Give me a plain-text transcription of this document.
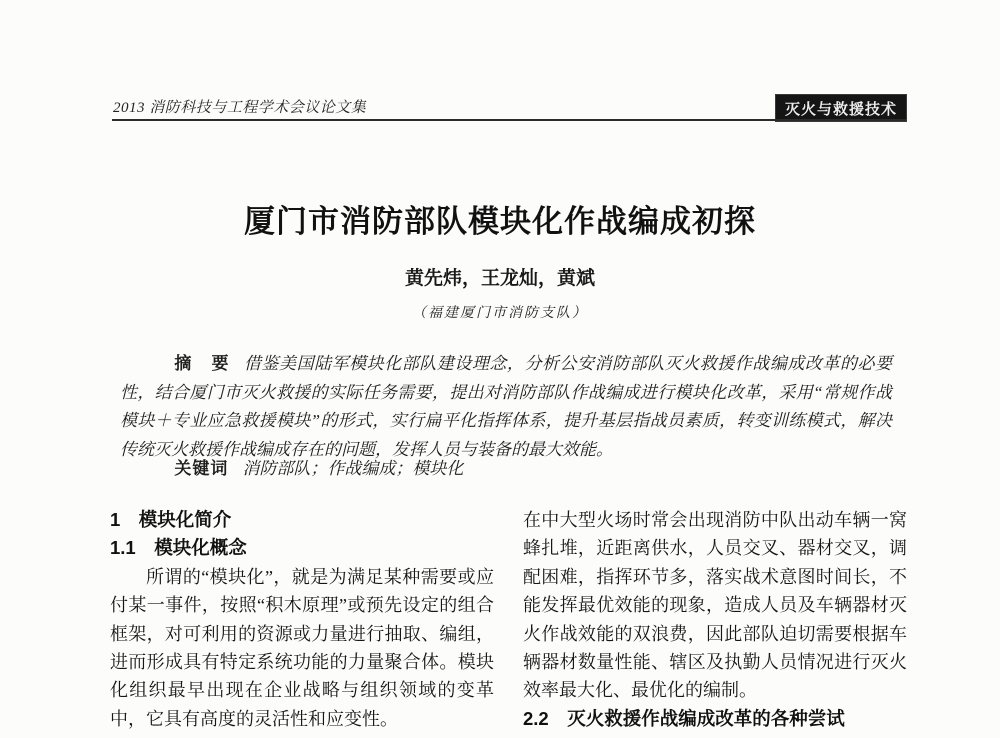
2013 消防科技与工程学术会议论文集	灭火与救援技术
厦门市消防部队模块化作战编成初探
黄先炜，王龙灿，黄斌
（福建厦门市消防支队）

摘　要 借鉴美国陆军模块化部队建设理念，分析公安消防部队灭火救援作战编成改革的必要性，结合厦门市灭火救援的实际任务需要，提出对消防部队作战编成进行模块化改革，采用“常规作战模块＋专业应急救援模块”的形式，实行扁平化指挥体系，提升基层指战员素质，转变训练模式，解决传统灭火救援作战编成存在的问题，发挥人员与装备的最大效能。

关键词 消防部队；作战编成；模块化

1　模块化简介
1.1　模块化概念

所谓的“模块化”，就是为满足某种需要或应付某一事件，按照“积木原理”或预先设定的组合框架，对可利用的资源或力量进行抽取、编组，进而形成具有特定系统功能的力量聚合体。模块化组织最早出现在企业战略与组织领域的变革中，它具有高度的灵活性和应变性。

在中大型火场时常会出现消防中队出动车辆一窝蜂扎堆，近距离供水，人员交叉、器材交叉，调配困难，指挥环节多，落实战术意图时间长，不能发挥最优效能的现象，造成人员及车辆器材灭火作战效能的双浪费，因此部队迫切需要根据车辆器材数量性能、辖区及执勤人员情况进行灭火效率最大化、最优化的编制。

2.2　灭火救援作战编成改革的各种尝试
